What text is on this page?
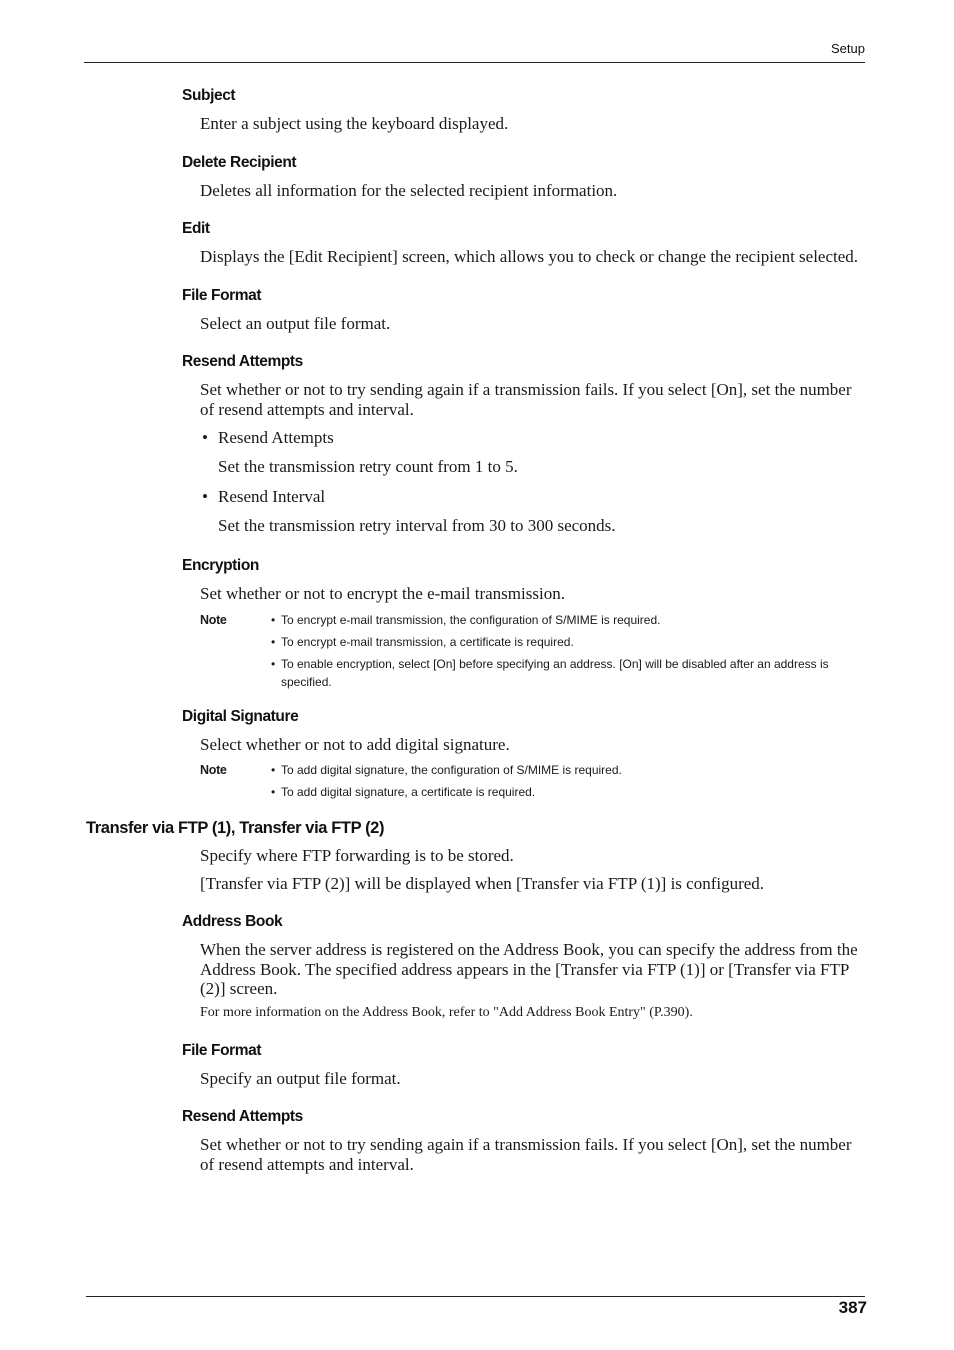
Setup
Subject

Enter a subject using the keyboard displayed.

Delete Recipient

Deletes all information for the selected recipient information.

Edit

Displays the [Edit Recipient] screen, which allows you to check or change the recipient selected.

File Format

Select an output file format.

Resend Attempts

Set whether or not to try sending again if a transmission fails. If you select [On], set the number of resend attempts and interval.

• Resend Attempts

Set the transmission retry count from 1 to 5.

• Resend Interval

Set the transmission retry interval from 30 to 300 seconds.

Encryption

Set whether or not to encrypt the e-mail transmission.

Note	• To encrypt e-mail transmission, the configuration of S/MIME is required.
• To encrypt e-mail transmission, a certificate is required.
• To enable encryption, select [On] before specifying an address. [On] will be disabled after an address is specified.
Digital Signature

Select whether or not to add digital signature.

Note	• To add digital signature, the configuration of S/MIME is required.
• To add digital signature, a certificate is required.
Transfer via FTP (1), Transfer via FTP (2)

Specify where FTP forwarding is to be stored.

[Transfer via FTP (2)] will be displayed when [Transfer via FTP (1)] is configured.

Address Book

When the server address is registered on the Address Book, you can specify the address from the Address Book. The specified address appears in the [Transfer via FTP (1)] or [Transfer via FTP (2)] screen.

For more information on the Address Book, refer to "Add Address Book Entry" (P.390).

File Format

Specify an output file format.

Resend Attempts

Set whether or not to try sending again if a transmission fails. If you select [On], set the number of resend attempts and interval.

387
